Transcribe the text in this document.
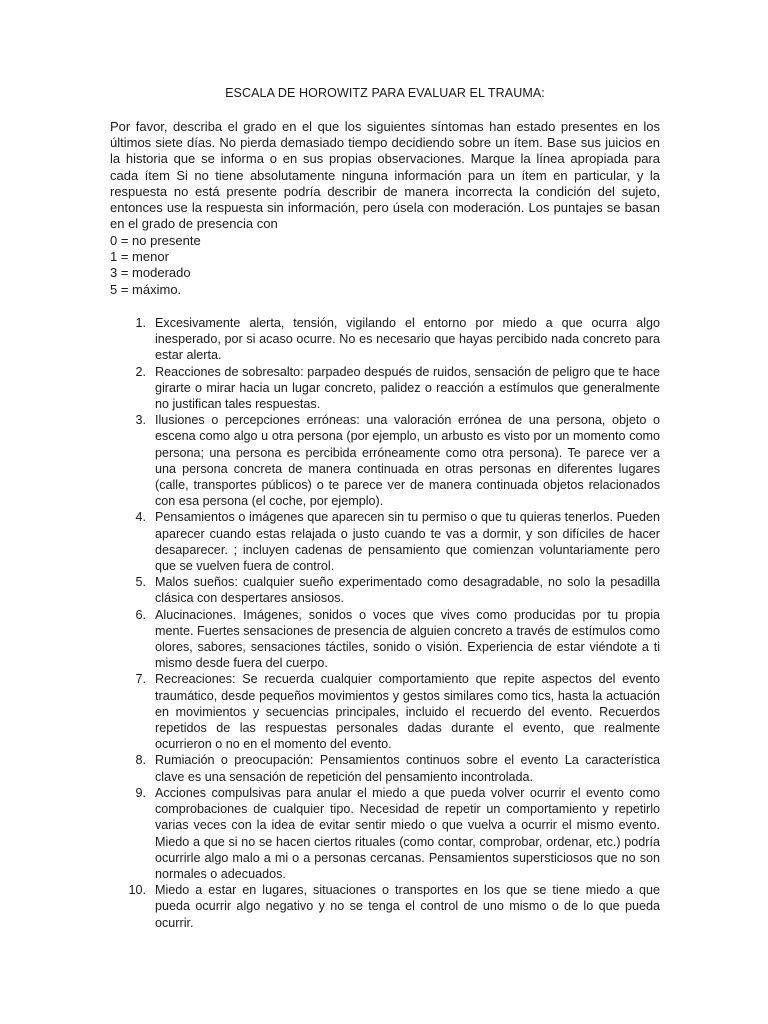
ESCALA DE HOROWITZ PARA EVALUAR EL TRAUMA:
Por favor, describa el grado en el que los siguientes síntomas han estado presentes en los últimos siete días. No pierda demasiado tiempo decidiendo sobre un ítem. Base sus juicios en la historia que se informa o en sus propias observaciones. Marque la línea apropiada para cada ítem Si no tiene absolutamente ninguna información para un ítem en particular, y la respuesta no está presente podría describir de manera incorrecta la condición del sujeto, entonces use la respuesta sin información, pero úsela con moderación. Los puntajes se basan en el grado de presencia con
0 = no presente
1 = menor
3 = moderado
5 = máximo.
1. Excesivamente alerta, tensión, vigilando el entorno por miedo a que ocurra algo inesperado, por si acaso ocurre. No es necesario que hayas percibido nada concreto para estar alerta.
2. Reacciones de sobresalto: parpadeo después de ruidos, sensación de peligro que te hace girarte o mirar hacia un lugar concreto, palidez o reacción a estímulos que generalmente no justifican tales respuestas.
3. Ilusiones o percepciones erróneas: una valoración errónea de una persona, objeto o escena como algo u otra persona (por ejemplo, un arbusto es visto por un momento como persona; una persona es percibida erróneamente como otra persona). Te parece ver a una persona concreta de manera continuada en otras personas en diferentes lugares (calle, transportes públicos) o te parece ver de manera continuada objetos relacionados con esa persona (el coche, por ejemplo).
4. Pensamientos o imágenes que aparecen sin tu permiso o que tu quieras tenerlos. Pueden aparecer cuando estas relajada o justo cuando te vas a dormir, y son difíciles de hacer desaparecer. ; incluyen cadenas de pensamiento que comienzan voluntariamente pero que se vuelven fuera de control.
5. Malos sueños: cualquier sueño experimentado como desagradable, no solo la pesadilla clásica con despertares ansiosos.
6. Alucinaciones. Imágenes, sonidos o voces que vives como producidas por tu propia mente. Fuertes sensaciones de presencia de alguien concreto a través de estímulos como olores, sabores, sensaciones táctiles, sonido o visión. Experiencia de estar viéndote a ti mismo desde fuera del cuerpo.
7. Recreaciones: Se recuerda cualquier comportamiento que repite aspectos del evento traumático, desde pequeños movimientos y gestos similares como tics, hasta la actuación en movimientos y secuencias principales, incluido el recuerdo del evento. Recuerdos repetidos de las respuestas personales dadas durante el evento, que realmente ocurrieron o no en el momento del evento.
8. Rumiación o preocupación: Pensamientos continuos sobre el evento La característica clave es una sensación de repetición del pensamiento incontrolada.
9. Acciones compulsivas para anular el miedo a que pueda volver ocurrir el evento como comprobaciones de cualquier tipo. Necesidad de repetir un comportamiento y repetirlo varias veces con la idea de evitar sentir miedo o que vuelva a ocurrir el mismo evento. Miedo a que si no se hacen ciertos rituales (como contar, comprobar, ordenar, etc.) podría ocurrirle algo malo a mi o a personas cercanas. Pensamientos supersticiosos que no son normales o adecuados.
10. Miedo a estar en lugares, situaciones o transportes en los que se tiene miedo a que pueda ocurrir algo negativo y no se tenga el control de uno mismo o de lo que pueda ocurrir.
